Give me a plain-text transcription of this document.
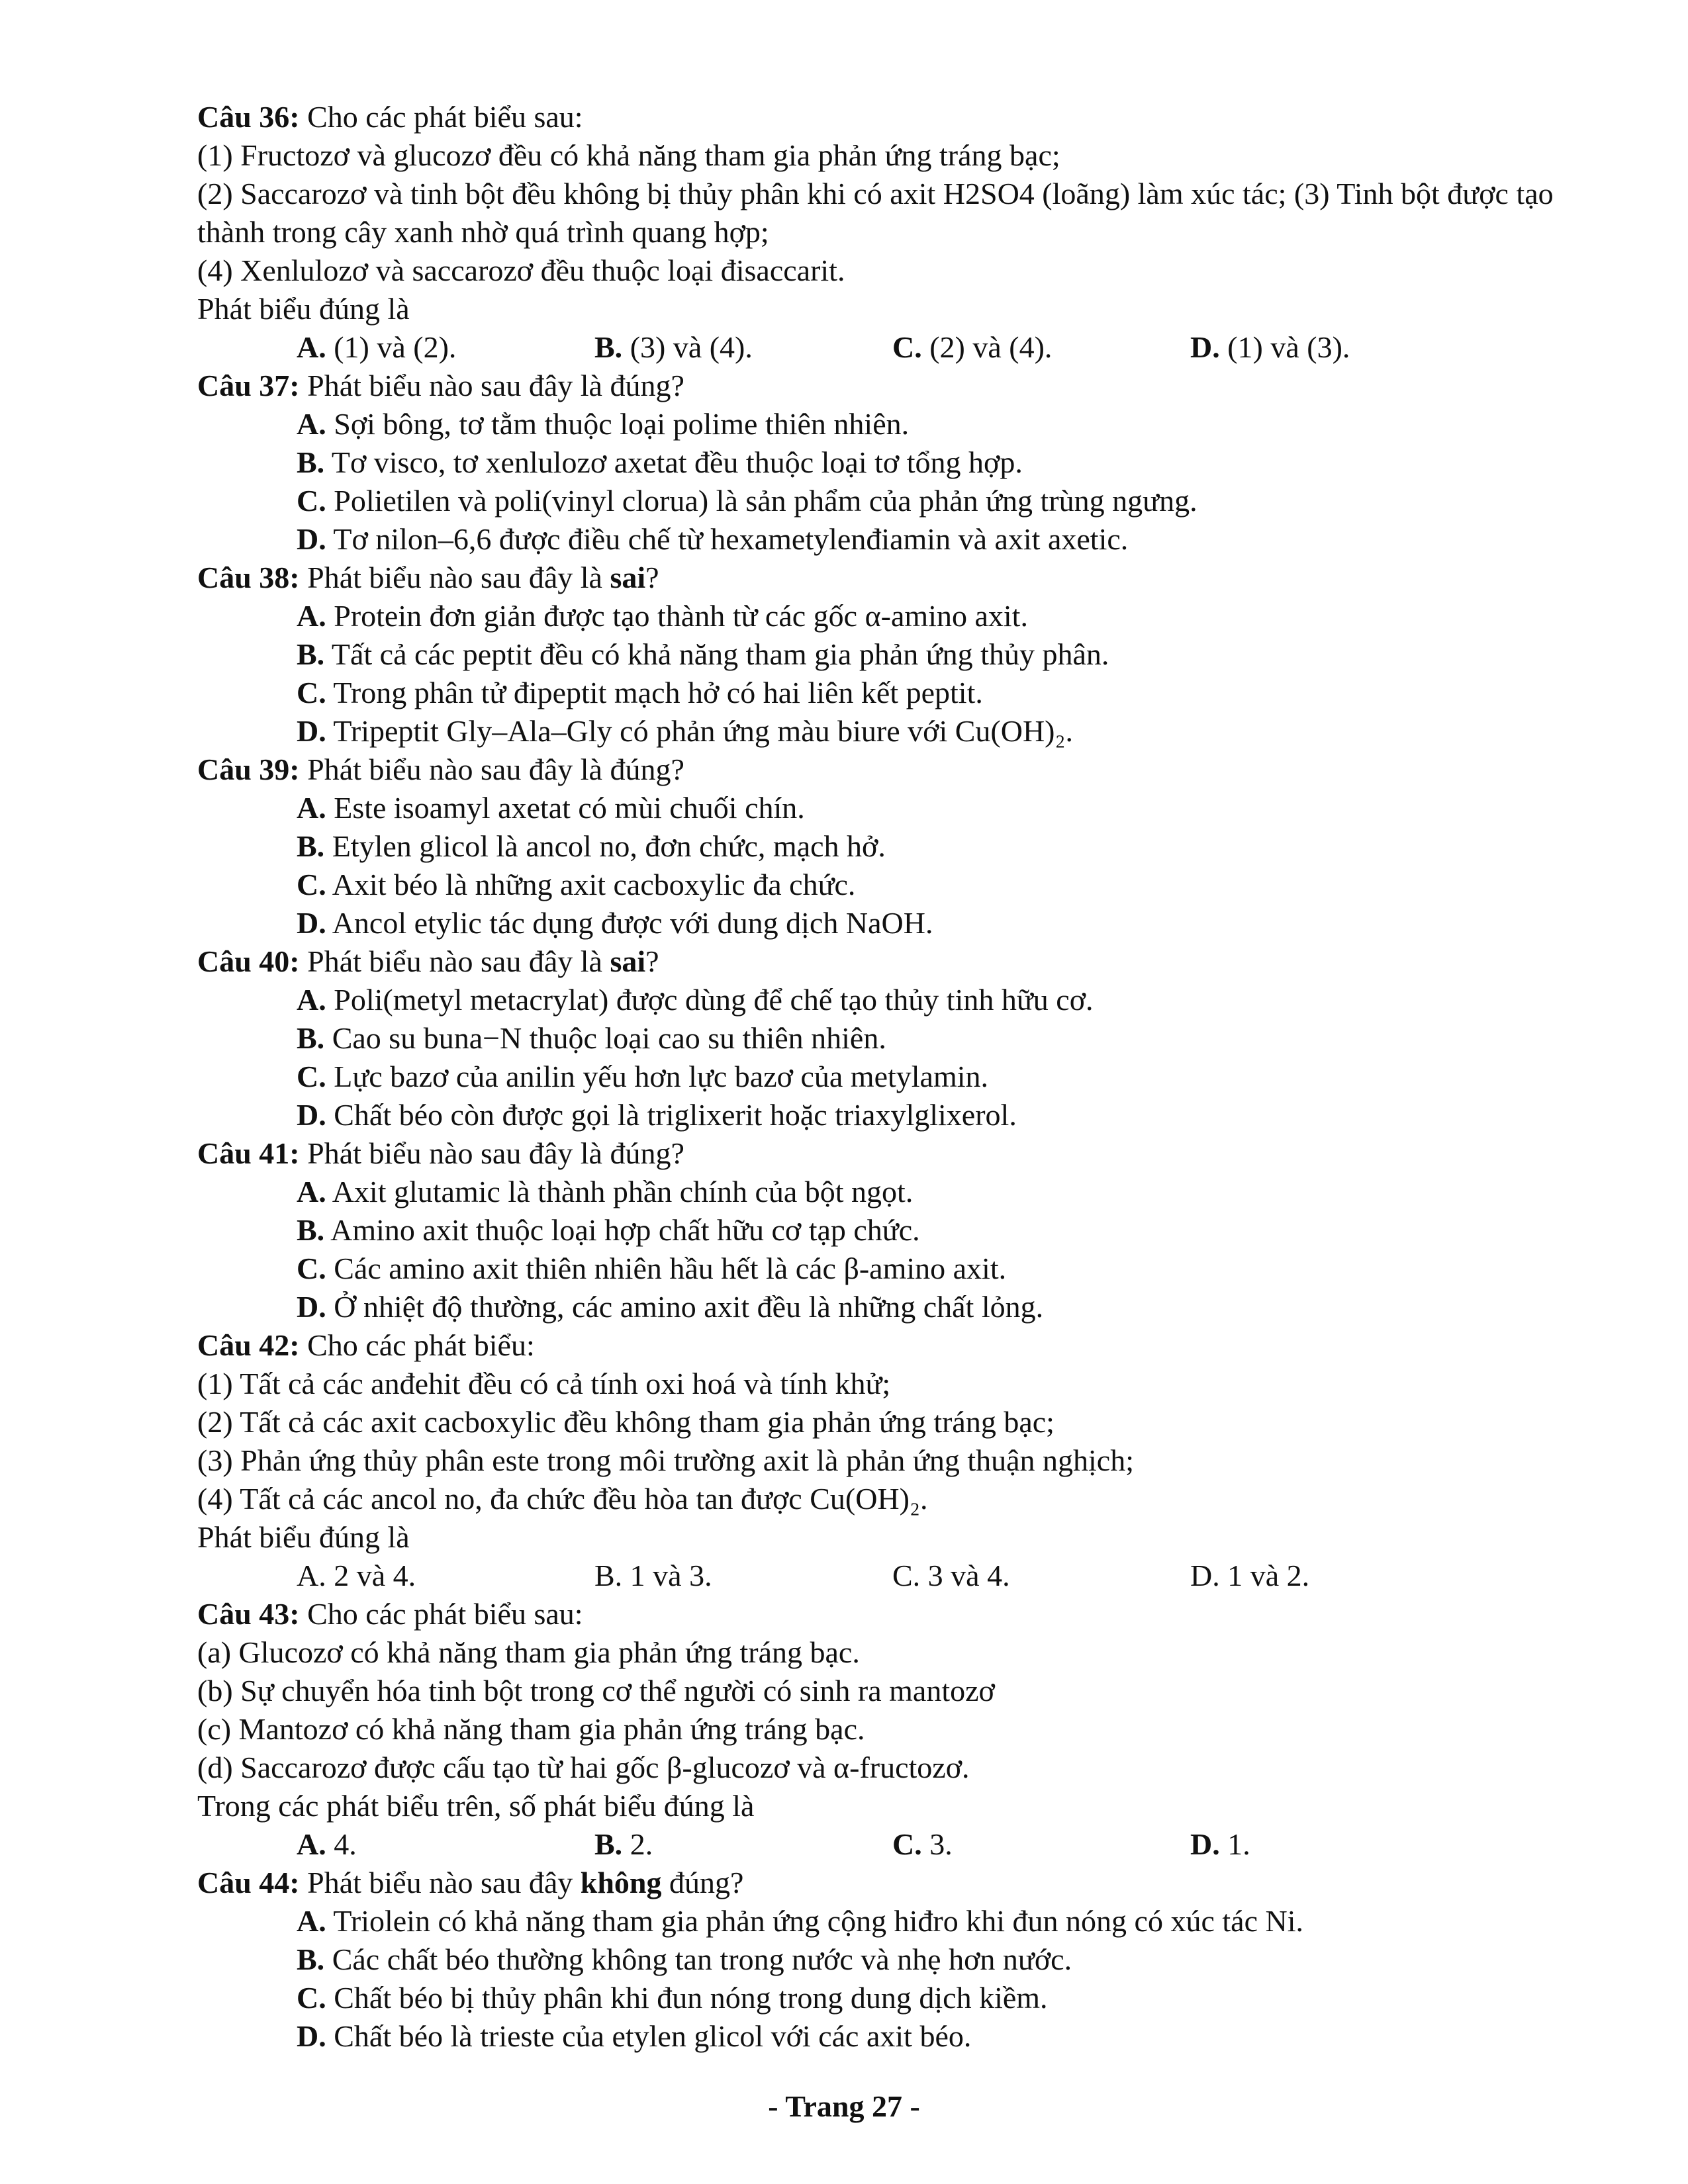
Câu 36: Cho các phát biểu sau:
(1) Fructozơ và glucozơ đều có khả năng tham gia phản ứng tráng bạc;
(2) Saccarozơ và tinh bột đều không bị thủy phân khi có axit H2SO4 (loãng) làm xúc tác; (3) Tinh bột được tạo thành trong cây xanh nhờ quá trình quang hợp;
(4) Xenlulozơ và saccarozơ đều thuộc loại đisaccarit.
Phát biểu đúng là
A. (1) và (2).	B. (3) và (4).	C. (2) và (4).	D. (1) và (3).
Câu 37: Phát biểu nào sau đây là đúng?
A. Sợi bông, tơ tằm thuộc loại polime thiên nhiên.
B. Tơ visco, tơ xenlulozơ axetat đều thuộc loại tơ tổng hợp.
C. Polietilen và poli(vinyl clorua) là sản phẩm của phản ứng trùng ngưng.
D. Tơ nilon–6,6 được điều chế từ hexametylenđiamin và axit axetic.
Câu 38: Phát biểu nào sau đây là sai?
A. Protein đơn giản được tạo thành từ các gốc α-amino axit.
B. Tất cả các peptit đều có khả năng tham gia phản ứng thủy phân.
C. Trong phân tử đipeptit mạch hở có hai liên kết peptit.
D. Tripeptit Gly–Ala–Gly có phản ứng màu biure với Cu(OH)₂.
Câu 39: Phát biểu nào sau đây là đúng?
A. Este isoamyl axetat có mùi chuối chín.
B. Etylen glicol là ancol no, đơn chức, mạch hở.
C. Axit béo là những axit cacboxylic đa chức.
D. Ancol etylic tác dụng được với dung dịch NaOH.
Câu 40: Phát biểu nào sau đây là sai?
A. Poli(metyl metacrylat) được dùng để chế tạo thủy tinh hữu cơ.
B. Cao su buna−N thuộc loại cao su thiên nhiên.
C. Lực bazơ của anilin yếu hơn lực bazơ của metylamin.
D. Chất béo còn được gọi là triglixerit hoặc triaxylglixerol.
Câu 41: Phát biểu nào sau đây là đúng?
A. Axit glutamic là thành phần chính của bột ngọt.
B. Amino axit thuộc loại hợp chất hữu cơ tạp chức.
C. Các amino axit thiên nhiên hầu hết là các β-amino axit.
D. Ở nhiệt độ thường, các amino axit đều là những chất lỏng.
Câu 42: Cho các phát biểu:
(1) Tất cả các anđehit đều có cả tính oxi hoá và tính khử;
(2) Tất cả các axit cacboxylic đều không tham gia phản ứng tráng bạc;
(3) Phản ứng thủy phân este trong môi trường axit là phản ứng thuận nghịch;
(4) Tất cả các ancol no, đa chức đều hòa tan được Cu(OH)₂.
Phát biểu đúng là
A. 2 và 4.	B. 1 và 3.	C. 3 và 4.	D. 1 và 2.
Câu 43: Cho các phát biểu sau:
(a) Glucozơ có khả năng tham gia phản ứng tráng bạc.
(b) Sự chuyển hóa tinh bột trong cơ thể người có sinh ra mantozơ
(c) Mantozơ có khả năng tham gia phản ứng tráng bạc.
(d) Saccarozơ được cấu tạo từ hai gốc β-glucozơ và α-fructozơ.
Trong các phát biểu trên, số phát biểu đúng là
A. 4.	B. 2.	C. 3.	D. 1.
Câu 44: Phát biểu nào sau đây không đúng?
A. Triolein có khả năng tham gia phản ứng cộng hiđro khi đun nóng có xúc tác Ni.
B. Các chất béo thường không tan trong nước và nhẹ hơn nước.
C. Chất béo bị thủy phân khi đun nóng trong dung dịch kiềm.
D. Chất béo là trieste của etylen glicol với các axit béo.
- Trang 27 -
